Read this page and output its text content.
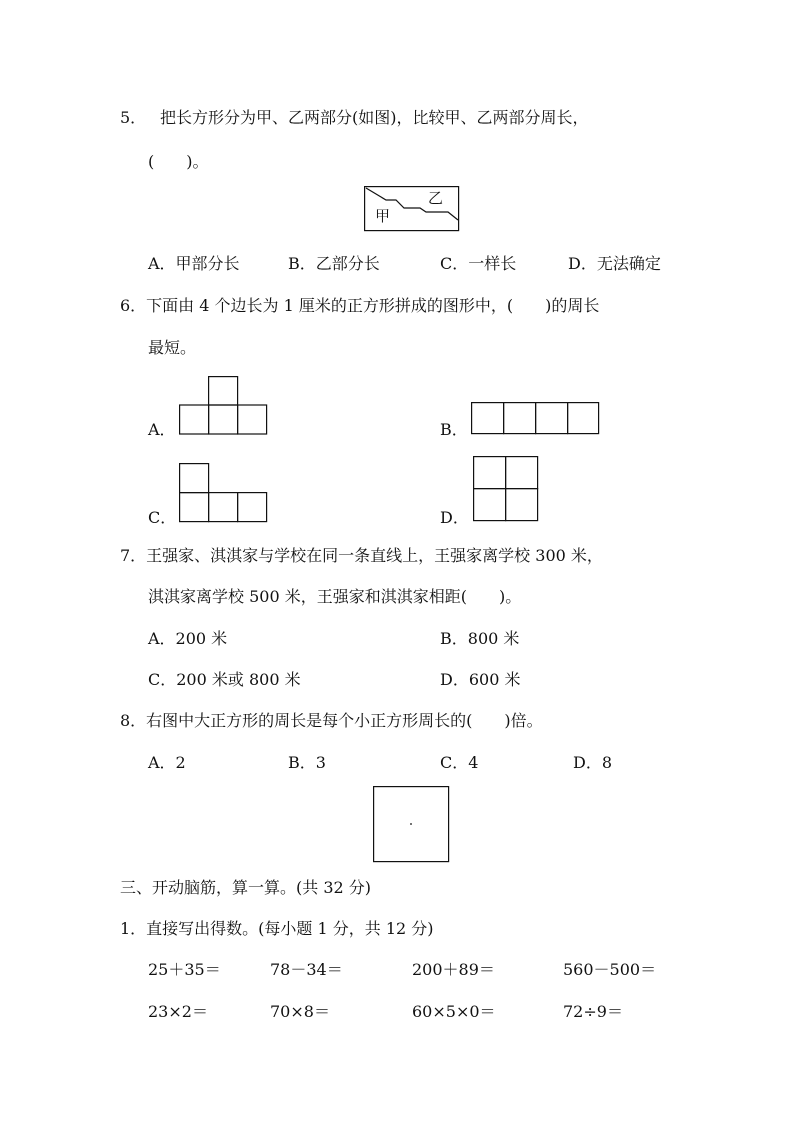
5． 把长方形分为甲、乙两部分(如图)，比较甲、乙两部分周长，
(　　)。
甲
乙
A．甲部分长	B．乙部分长	C．一样长	D．无法确定
6．下面由 4 个边长为 1 厘米的正方形拼成的图形中，(　　)的周长
最短。
A．	B．
C．	D．
7．王强家、淇淇家与学校在同一条直线上，王强家离学校 300 米，
淇淇家离学校 500 米，王强家和淇淇家相距(　　)。
A．200 米	B．800 米
C．200 米或 800 米	D．600 米
8．右图中大正方形的周长是每个小正方形周长的(　　)倍。
A．2	B．3	C．4	D．8
三、开动脑筋，算一算。(共 32 分)
1．直接写出得数。(每小题 1 分，共 12 分)
25＋35＝	78－34＝	200＋89＝	560－500＝
23×2＝	70×8＝	60×5×0＝	72÷9＝
